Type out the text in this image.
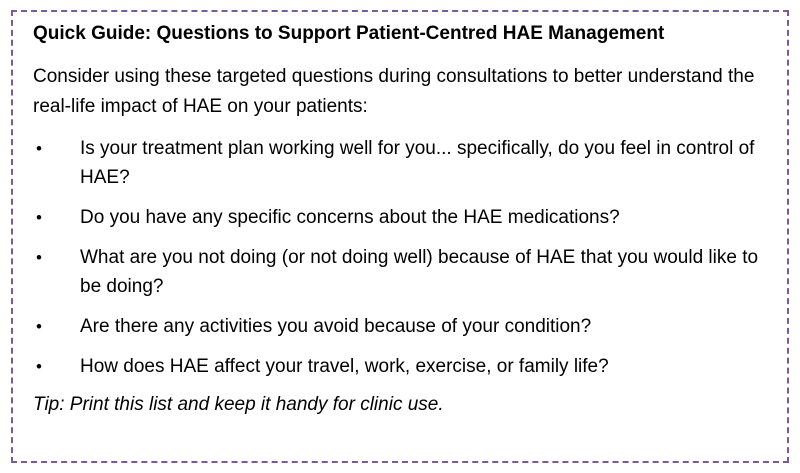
Quick Guide: Questions to Support Patient-Centred HAE Management
Consider using these targeted questions during consultations to better understand the real-life impact of HAE on your patients:
• Is your treatment plan working well for you... specifically, do you feel in control of HAE?
• Do you have any specific concerns about the HAE medications?
• What are you not doing (or not doing well) because of HAE that you would like to be doing?
• Are there any activities you avoid because of your condition?
• How does HAE affect your travel, work, exercise, or family life?
Tip: Print this list and keep it handy for clinic use.
